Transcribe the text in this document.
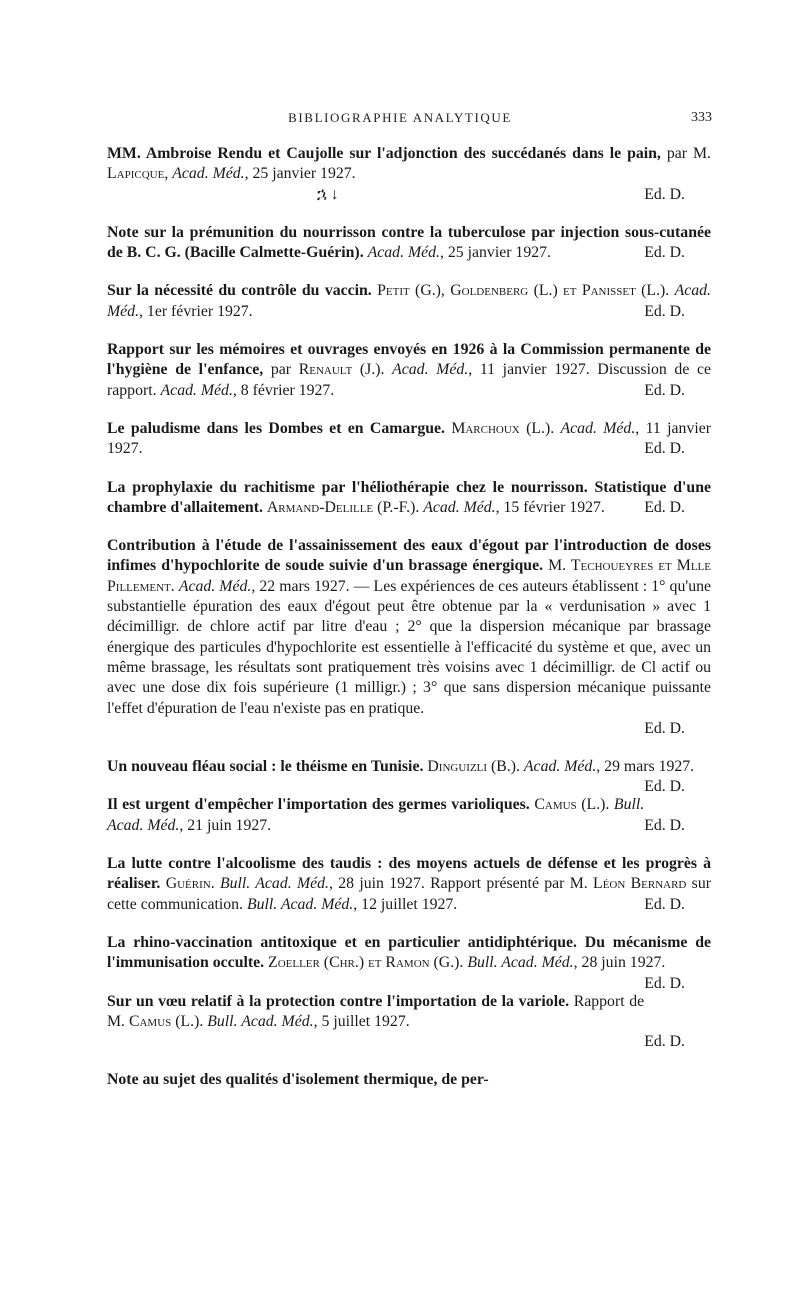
BIBLIOGRAPHIE ANALYTIQUE	333

MM. Ambroise Rendu et Caujolle sur l'adjonction des succédanés dans le pain, par M. Lapicque, Acad. Méd., 25 janvier 1927.
ኋ ↓	Ed. D.

Note sur la prémunition du nourrisson contre la tuberculose par injection sous-cutanée de B. C. G. (Bacille Calmette-Guérin). Acad. Méd., 25 janvier 1927.	Ed. D.

Sur la nécessité du contrôle du vaccin. Petit (G.), Goldenberg (L.) et Panisset (L.). Acad. Méd., 1er février 1927.	Ed. D.

Rapport sur les mémoires et ouvrages envoyés en 1926 à la Commission permanente de l'hygiène de l'enfance, par Renault (J.). Acad. Méd., 11 janvier 1927. Discussion de ce rapport. Acad. Méd., 8 février 1927.	Ed. D.

Le paludisme dans les Dombes et en Camargue. Marchoux (L.). Acad. Méd., 11 janvier 1927.	Ed. D.

La prophylaxie du rachitisme par l'héliothérapie chez le nourrisson. Statistique d'une chambre d'allaitement. Armand-Delille (P.-F.). Acad. Méd., 15 février 1927. Ed. D.

Contribution à l'étude de l'assainissement des eaux d'égout par l'introduction de doses infimes d'hypochlorite de soude suivie d'un brassage énergique. M. Techoueyres et Mlle Pillement. Acad. Méd., 22 mars 1927. — Les expériences de ces auteurs établissent : 1° qu'une substantielle épuration des eaux d'égout peut être obtenue par la « verdunisation » avec 1 décimilligr. de chlore actif par litre d'eau ; 2° que la dispersion mécanique par brassage énergique des particules d'hypochlorite est essentielle à l'efficacité du système et que, avec un même brassage, les résultats sont pratiquement très voisins avec 1 décimilligr. de Cl actif ou avec une dose dix fois supérieure (1 milligr.) ; 3° que sans dispersion mécanique puissante l'effet d'épuration de l'eau n'existe pas en pratique.

Ed. D.

Un nouveau fléau social : le théisme en Tunisie. Dinguizli (B.). Acad. Méd., 29 mars 1927.
Ed. D.

Il est urgent d'empêcher l'importation des germes varioliques. Camus (L.). Bull. Acad. Méd., 21 juin 1927.	Ed. D.

La lutte contre l'alcoolisme des taudis : des moyens actuels de défense et les progrès à réaliser. Guérin. Bull. Acad. Méd., 28 juin 1927. Rapport présenté par M. Léon Bernard sur cette communication. Bull. Acad. Méd., 12 juillet 1927.	Ed. D.

La rhino-vaccination antitoxique et en particulier antidiphtérique. Du mécanisme de l'immunisation occulte. Zoeller (Chr.) et Ramon (G.). Bull. Acad. Méd., 28 juin 1927.
Ed. D.

Sur un vœu relatif à la protection contre l'importation de la variole. Rapport de M. Camus (L.). Bull. Acad. Méd., 5 juillet 1927.

Ed. D.

Note au sujet des qualités d'isolement thermique, de per-
